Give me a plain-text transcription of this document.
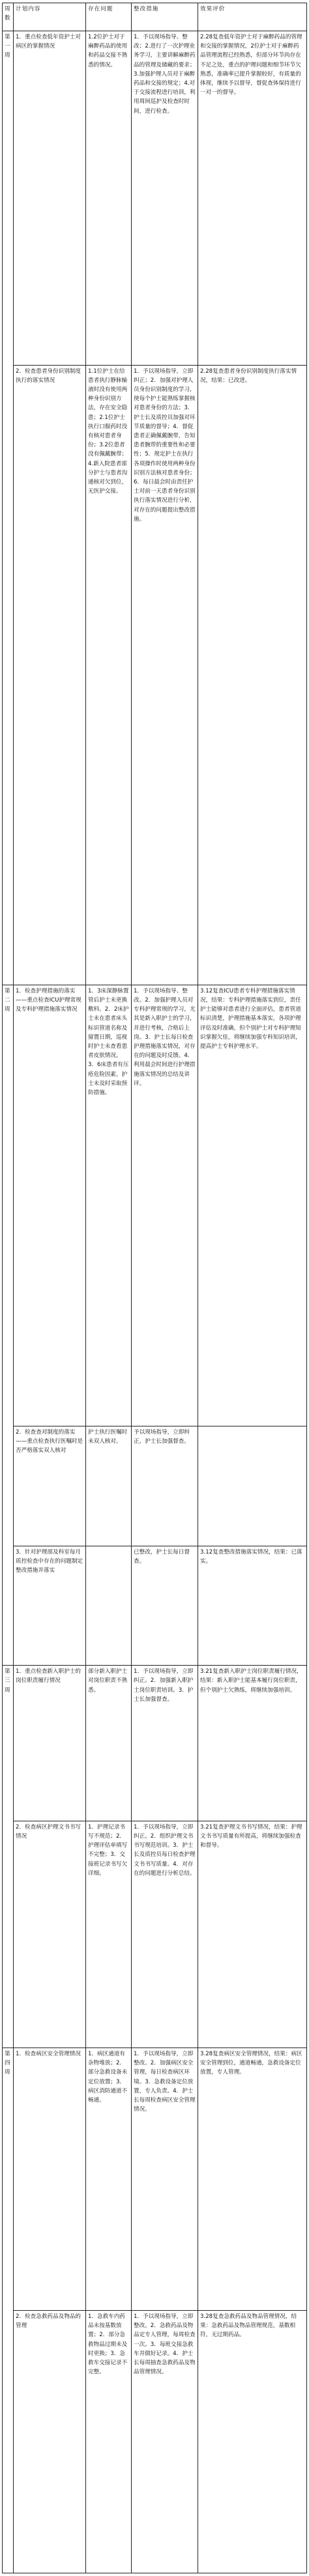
周数	计划内容	存在问题	整改措施	效果评价
第一周	1．重点检查低年资护士对病区的掌握情况	1.2位护士对于麻醉药品的使用和药品交接不熟悉的情况。	1．予以现场指导、整改；2.进行了一次护理业务学习，主要讲解麻醉药品的管理及储藏的要求；3.加强护理人员对于麻醉药品和交接的规定；4.对于交接流程进行培训，利用周间巡护及检查时时间，进行检查。	2.28复查低年资护士对于麻醉药品的管理和交接的掌握情况，2位护士对于麻醉药品管理流程已经熟悉，但部分环节尚存在不足之处，重点的护理问题和细节环节欠熟悉，准确率已提升掌握较好，有质量的体现，继续予以督导，督促查体保持进行一对一的督导。
	2．检查患者身份识别制度执行的落实情况	1.1位护士在给患者执行静脉输液时没有使用两种身份识别方法，存在安全隐患；2.1位护士执行口服药时没有核对患者身份；3.2位患者没有佩戴腕带；4.新入院患者部分护士与患者沟通核对欠到位，无医护交接。	1．予以现场指导，立即纠正；2．加强对护理人员身份识别制度的学习，使每个护士能熟练掌握核对患者身份的方法；3．护士长及质控员加强对环节质量的督导；4．督促患者正确佩戴腕带，告知患者腕带的重要性和必要性；5．规定护士在执行各项操作时使用两种身份识别方法核对患者身份；6．每日晨会时由责任护士对前一天患者身份识别执行落实情况进行分析，对存在的问题提出整改措施。	2.28复查患者身份识别制度执行落实情况，结果：已改进。
第二周	1．检查护理措施的落实——重点检查ICU护理常规及专科护理措施落实情况	1．3床深静脉置管后护士未更换敷料。2．2床护士未在患者床头标识管道名称及留置日期，巡视时护士未查看患者皮肤情况。3．6床患者有压疮危险因素，护士未及时采取预防措施。	1．予以现场指导、整改。2．加强护理人员对专科护理常规的学习，尤其是新入职护士的学习，并进行考核，合格后上岗。3．护士长每日检查护理措施落实情况，对存在的问题及时反馈。4．利用晨会时间进行护理措施落实情况的总结及讲评。	3.12复查ICU患者专科护理措施落实情况，结果：专科护理措施落实到位，责任护士能够对患者进行全面评估，患者管道标识清楚，护理措施基本落实，各项护理评估及时准确，但个别护士对专科护理知识掌握欠佳，将继续加强专科知识培训，提高护士专科护理水平。
	2．检查查对制度的落实——重点检查执行医嘱时是否严格落实双人核对	护士执行医嘱时未双人核对。	予以现场指导，立即纠正，护士长加强督查。	
	3．针对护理部及科室每月质控检查中存在的问题制定整改措施并落实		已整改，护士长每日督查。	3.12复查整改措施落实情况，结果：已落实。
第三周	1．重点检查新入职护士的岗位职责履行情况	部分新入职护士对岗位职责不熟悉。	1．予以现场指导，立即纠正。2．加强新入职护士岗位职责培训。3．护士长加强督查。	3.21复查新入职护士岗位职责履行情况，结果：新入职护士能基本履行岗位职责，但个别护士欠熟练，将继续加强培训。
	2．检查病区护理文书书写情况	1．护理记录书写不规范；2．护理评估单填写不完整；3．交接班记录书写欠详细。	1．予以现场指导，立即纠正。2．组织护理文书书写规范培训。3．护士长及质控员每日检查护理文书书写质量。4．对存在的问题进行分析总结。	3.21复查护理文书书写情况，结果：护理文书书写质量有所提高，将继续加强检查和督导。
第四周	1．检查病区安全管理情况	1．病区通道有杂物堆放；2．部分急救设备未定位放置；3．病区消防通道不畅通。	1．予以现场指导，立即整改。2．加强病区安全管理，每日检查病区环境。3．急救设备定位放置，专人负责。4．护士长每周检查病区安全管理情况。	3.28复查病区安全管理情况，结果：病区安全管理到位，通道畅通，急救设备定位放置，专人管理。
	2．检查急救药品及物品的管理	1．急救车内药品未按基数放置；2．部分急救物品过期未及时更换；3．急救车交接记录不完整。	1．予以现场指导，立即整改。2．急救药品及物品定专人管理，每周检查一次。3．每班交接急救车并做好记录。4．护士长每周抽查急救药品及物品管理情况。	3.28复查急救药品及物品管理情况，结果：急救药品及物品管理规范，基数相符，无过期药品。
